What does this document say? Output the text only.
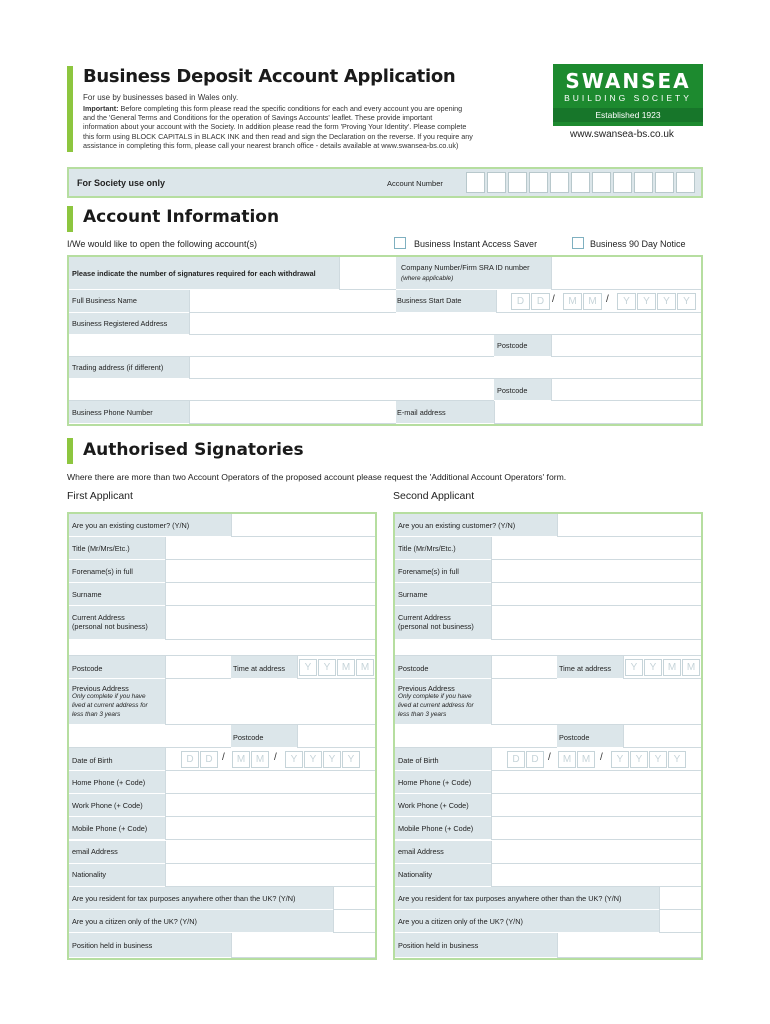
Business Deposit Account Application
For use by businesses based in Wales only.
Important: Before completing this form please read the specific conditions for each and every account you are opening
and the 'General Terms and Conditions for the operation of Savings Accounts' leaflet. These provide important
information about your account with the Society. In addition please read the form 'Proving Your Identity'. Please complete
this form using BLOCK CAPITALS in BLACK INK and then read and sign the Declaration on the reverse. If you require any
assistance in completing this form, please call your nearest branch office - details available at www.swansea-bs.co.uk)
SWANSEA
BUILDING SOCIETY
Established 1923
www.swansea-bs.co.uk
For Society use only	Account Number
Account Information
I/We would like to open the following account(s)	Business Instant Access Saver	Business 90 Day Notice
Please indicate the number of signatures required for each withdrawal
Company Number/Firm SRA ID number
(where applicable)
Full Business Name	Business Start Date	D	D /	M	M /	Y	Y	Y	Y
Business Registered Address
Postcode
Trading address (if different)
Postcode
Business Phone Number	E-mail address
Authorised Signatories
Where there are more than two Account Operators of the proposed account please request the 'Additional Account Operators' form.
First Applicant	Second Applicant
Are you an existing customer? (Y/N)
Title (Mr/Mrs/Etc.)
Forename(s) in full
Surname
Current Address
(personal not business)
Postcode	Time at address	Y	Y	M	M
Previous Address
Only complete if you have
lived at current address for
less than 3 years
Postcode
Date of Birth	D	D /	M	M /	Y	Y	Y	Y
Home Phone (+ Code)
Work Phone (+ Code)
Mobile Phone (+ Code)
email Address
Nationality
Are you resident for tax purposes anywhere other than the UK? (Y/N)
Are you a citizen only of the UK? (Y/N)
Position held in business
Are you an existing customer? (Y/N)
Title (Mr/Mrs/Etc.)
Forename(s) in full
Surname
Current Address
(personal not business)
Postcode	Time at address	Y	Y	M	M
Previous Address
Only complete if you have
lived at current address for
less than 3 years
Postcode
Date of Birth	D	D /	M	M /	Y	Y	Y	Y
Home Phone (+ Code)
Work Phone (+ Code)
Mobile Phone (+ Code)
email Address
Nationality
Are you resident for tax purposes anywhere other than the UK? (Y/N)
Are you a citizen only of the UK? (Y/N)
Position held in business
